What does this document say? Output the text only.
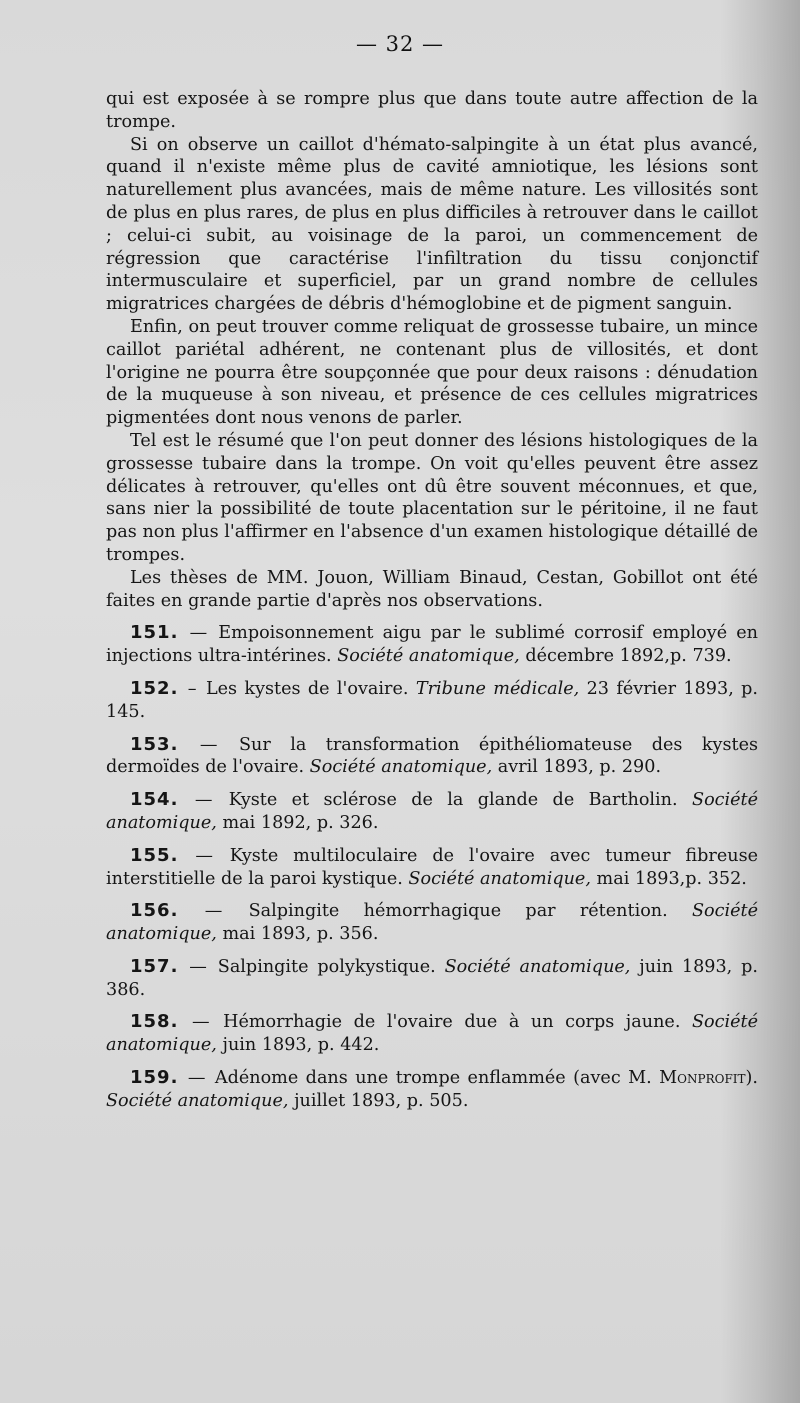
— 32 —

qui est exposée à se rompre plus que dans toute autre affection de la trompe.

Si on observe un caillot d'hémato-salpingite à un état plus avancé, quand il n'existe même plus de cavité amniotique, les lésions sont naturellement plus avancées, mais de même nature. Les villosités sont de plus en plus rares, de plus en plus difficiles à retrouver dans le caillot ; celui-ci subit, au voisinage de la paroi, un commencement de régression que caractérise l'infiltration du tissu conjonctif intermusculaire et superficiel, par un grand nombre de cellules migratrices chargées de débris d'hémoglobine et de pigment sanguin.

Enfin, on peut trouver comme reliquat de grossesse tubaire, un mince caillot pariétal adhérent, ne contenant plus de villosités, et dont l'origine ne pourra être soupçonnée que pour deux raisons : dénudation de la muqueuse à son niveau, et présence de ces cellules migratrices pigmentées dont nous venons de parler.

Tel est le résumé que l'on peut donner des lésions histologiques de la grossesse tubaire dans la trompe. On voit qu'elles peuvent être assez délicates à retrouver, qu'elles ont dû être souvent méconnues, et que, sans nier la possibilité de toute placentation sur le péritoine, il ne faut pas non plus l'affirmer en l'absence d'un examen histologique détaillé de trompes.

Les thèses de MM. Jouon, William Binaud, Cestan, Gobillot ont été faites en grande partie d'après nos observations.

151. — Empoisonnement aigu par le sublimé corrosif employé en injections ultra-intérines. Société anatomique, décembre 1892,p. 739.

152. – Les kystes de l'ovaire. Tribune médicale, 23 février 1893, p. 145.

153. — Sur la transformation épithéliomateuse des kystes dermoïdes de l'ovaire. Société anatomique, avril 1893, p. 290.

154. — Kyste et sclérose de la glande de Bartholin. Société anatomique, mai 1892, p. 326.

155. — Kyste multiloculaire de l'ovaire avec tumeur fibreuse interstitielle de la paroi kystique. Société anatomique, mai 1893,p. 352.

156. — Salpingite hémorrhagique par rétention. Société anatomique, mai 1893, p. 356.

157. — Salpingite polykystique. Société anatomique, juin 1893, p. 386.

158. — Hémorrhagie de l'ovaire due à un corps jaune. Société anatomique, juin 1893, p. 442.

159. — Adénome dans une trompe enflammée (avec M. Monprofit). Société anatomique, juillet 1893, p. 505.
